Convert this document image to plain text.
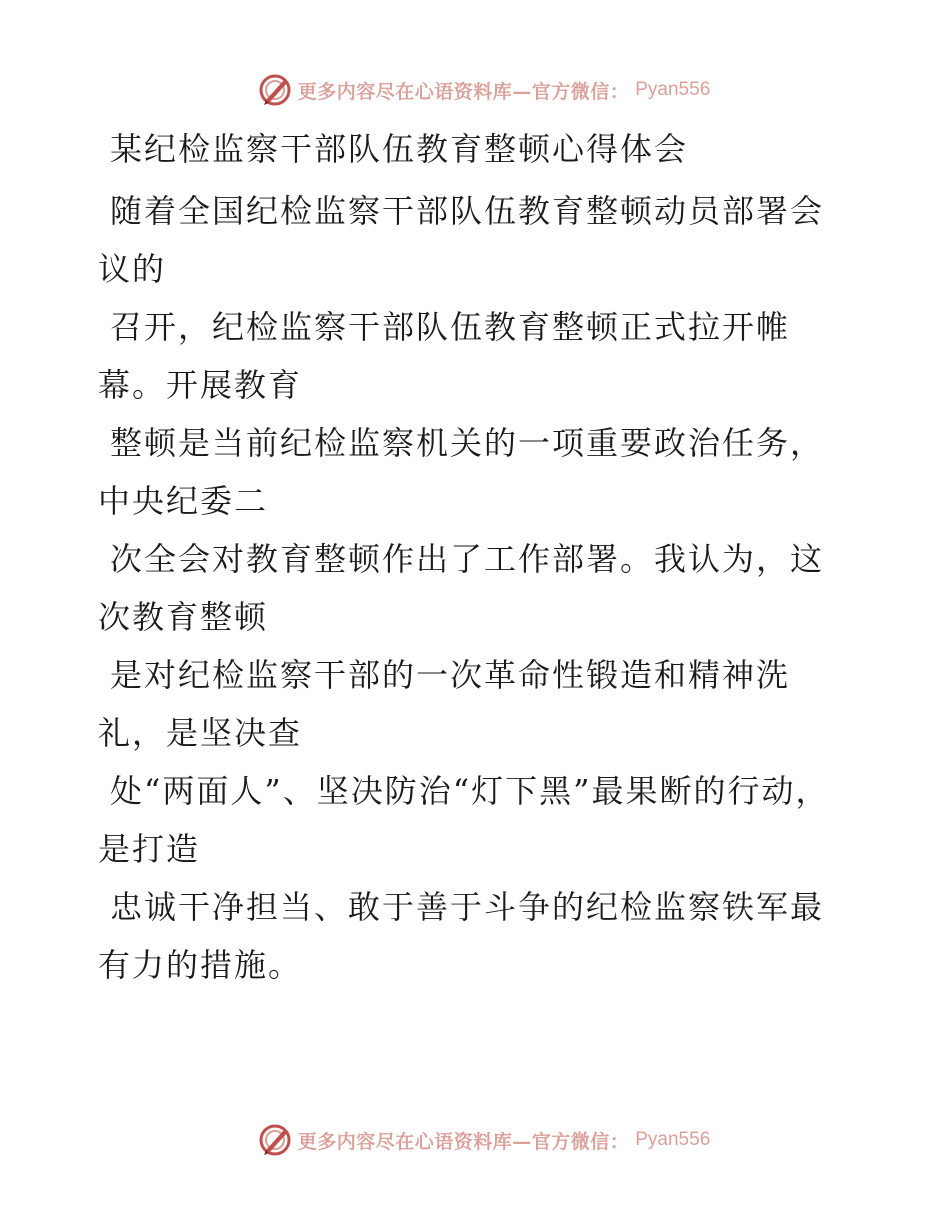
更多内容尽在心语资料库—官方微信： Pyan556
某纪检监察干部队伍教育整顿心得体会
随着全国纪检监察干部队伍教育整顿动员部署会议的
召开，纪检监察干部队伍教育整顿正式拉开帷幕。开展教育
整顿是当前纪检监察机关的一项重要政治任务，中央纪委二
次全会对教育整顿作出了工作部署。我认为，这次教育整顿
是对纪检监察干部的一次革命性锻造和精神洗礼，是坚决查
处“两面人”、坚决防治“灯下黑”最果断的行动，是打造
忠诚干净担当、敢于善于斗争的纪检监察铁军最有力的措施。
更多内容尽在心语资料库—官方微信： Pyan556
